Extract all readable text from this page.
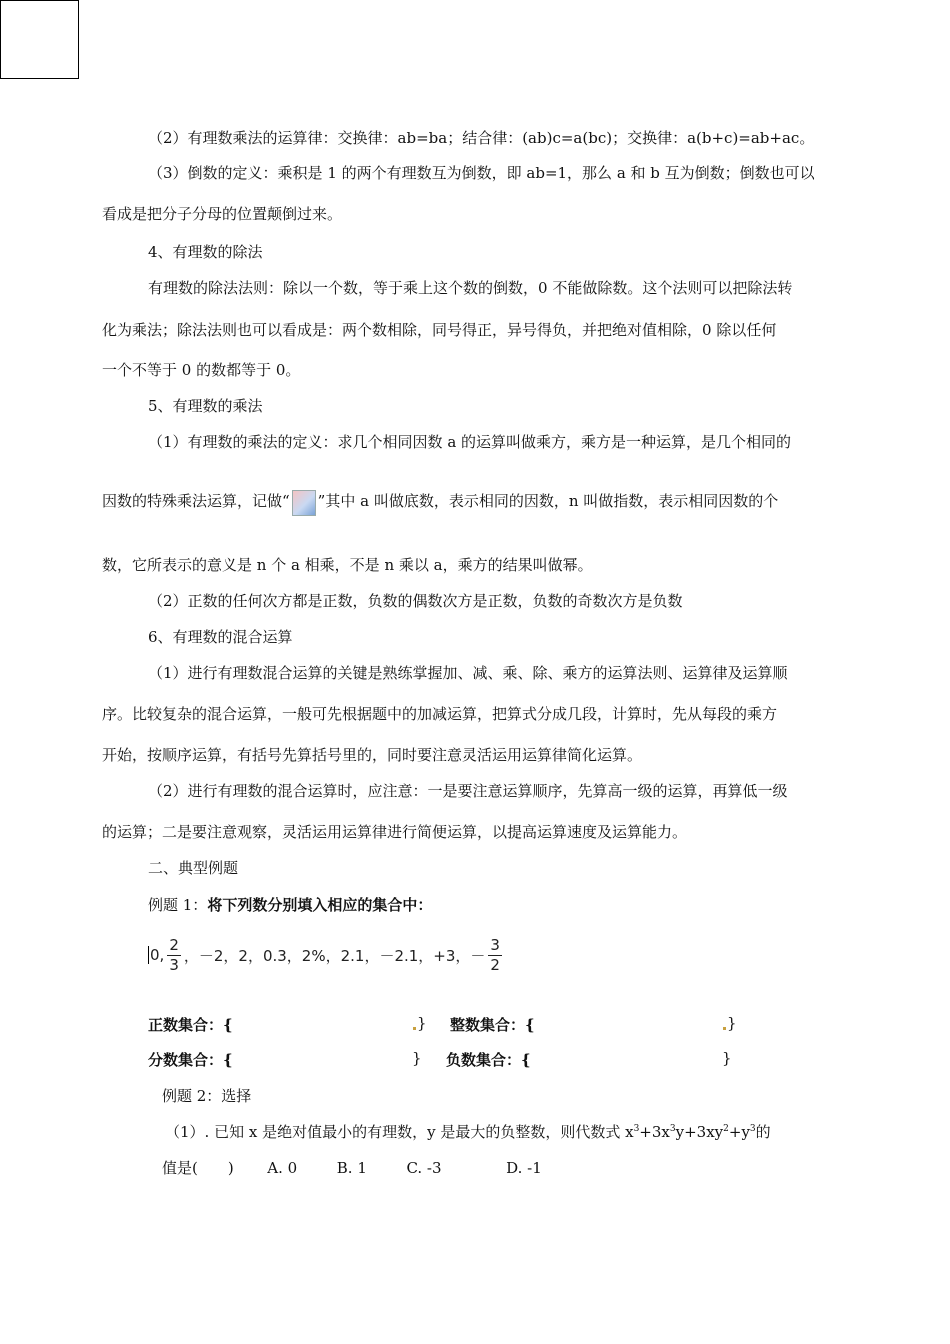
（2）有理数乘法的运算律：交换律：ab=ba；结合律：(ab)c=a(bc)；交换律：a(b+c)=ab+ac。
（3）倒数的定义：乘积是 1 的两个有理数互为倒数，即 ab=1，那么 a 和 b 互为倒数；倒数也可以
看成是把分子分母的位置颠倒过来。
4、有理数的除法
有理数的除法法则：除以一个数，等于乘上这个数的倒数，0 不能做除数。这个法则可以把除法转
化为乘法；除法法则也可以看成是：两个数相除，同号得正，异号得负，并把绝对值相除，0 除以任何
一个不等于 0 的数都等于 0。
5、有理数的乘法
（1）有理数的乘法的定义：求几个相同因数 a 的运算叫做乘方，乘方是一种运算，是几个相同的
因数的特殊乘法运算，记做“ ”其中 a 叫做底数，表示相同的因数，n 叫做指数，表示相同因数的个
数，它所表示的意义是 n 个 a 相乘，不是 n 乘以 a，乘方的结果叫做幂。
（2）正数的任何次方都是正数，负数的偶数次方是正数，负数的奇数次方是负数
6、有理数的混合运算
（1）进行有理数混合运算的关键是熟练掌握加、减、乘、除、乘方的运算法则、运算律及运算顺
序。比较复杂的混合运算，一般可先根据题中的加减运算，把算式分成几段，计算时，先从每段的乘方
开始，按顺序运算，有括号先算括号里的，同时要注意灵活运用运算律简化运算。
（2）进行有理数的混合运算时，应注意：一是要注意运算顺序，先算高一级的运算，再算低一级
的运算；二是要注意观察，灵活运用运算律进行简便运算，以提高运算速度及运算能力。
二、典型例题
例题 1：将下列数分别填入相应的集合中：
0, $\frac{2}{3}$ ，－2，2，0.3，2%，2.1，－2.1，+3，－ $\frac{3}{2}$
正数集合：{	} 整数集合：{	}
分数集合：{	} 负数集合：{	}
例题 2：选择
（1）. 已知 x 是绝对值最小的有理数，y 是最大的负整数，则代数式 $x^3+3x^3y+3xy^2+y^3$的
值是(　　) A. 0	B. 1	C. -3	D. -1
